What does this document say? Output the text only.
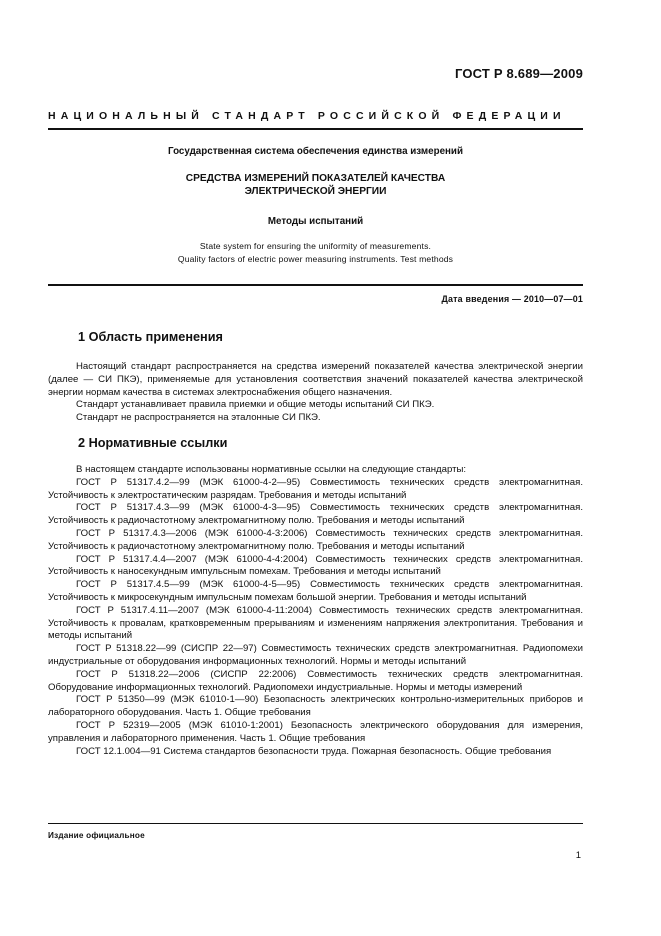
ГОСТ Р 8.689—2009
НАЦИОНАЛЬНЫЙ СТАНДАРТ РОССИЙСКОЙ ФЕДЕРАЦИИ
Государственная система обеспечения единства измерений
СРЕДСТВА ИЗМЕРЕНИЙ ПОКАЗАТЕЛЕЙ КАЧЕСТВА
ЭЛЕКТРИЧЕСКОЙ ЭНЕРГИИ
Методы испытаний
State system for ensuring the uniformity of measurements.
Quality factors of electric power measuring instruments. Test methods
Дата введения — 2010—07—01
1 Область применения

Настоящий стандарт распространяется на средства измерений показателей качества электрической энергии (далее — СИ ПКЭ), применяемые для установления соответствия значений показателей качества электрической энергии нормам качества в системах электроснабжения общего назначения.

Стандарт устанавливает правила приемки и общие методы испытаний СИ ПКЭ.

Стандарт не распространяется на эталонные СИ ПКЭ.

2 Нормативные ссылки

В настоящем стандарте использованы нормативные ссылки на следующие стандарты:

ГОСТ Р 51317.4.2—99 (МЭК 61000-4-2—95) Совместимость технических средств электромагнитная. Устойчивость к электростатическим разрядам. Требования и методы испытаний

ГОСТ Р 51317.4.3—99 (МЭК 61000-4-3—95) Совместимость технических средств электромагнитная. Устойчивость к радиочастотному электромагнитному полю. Требования и методы испытаний

ГОСТ Р 51317.4.3—2006 (МЭК 61000-4-3:2006) Совместимость технических средств электромагнитная. Устойчивость к радиочастотному электромагнитному полю. Требования и методы испытаний

ГОСТ Р 51317.4.4—2007 (МЭК 61000-4-4:2004) Совместимость технических средств электромагнитная. Устойчивость к наносекундным импульсным помехам. Требования и методы испытаний

ГОСТ Р 51317.4.5—99 (МЭК 61000-4-5—95) Совместимость технических средств электромагнитная. Устойчивость к микросекундным импульсным помехам большой энергии. Требования и методы испытаний

ГОСТ Р 51317.4.11—2007 (МЭК 61000-4-11:2004) Совместимость технических средств электромагнитная. Устойчивость к провалам, кратковременным прерываниям и изменениям напряжения электропитания. Требования и методы испытаний

ГОСТ Р 51318.22—99 (СИСПР 22—97) Совместимость технических средств электромагнитная. Радиопомехи индустриальные от оборудования информационных технологий. Нормы и методы испытаний

ГОСТ Р 51318.22—2006 (СИСПР 22:2006) Совместимость технических средств электромагнитная. Оборудование информационных технологий. Радиопомехи индустриальные. Нормы и методы измерений

ГОСТ Р 51350—99 (МЭК 61010-1—90) Безопасность электрических контрольно-измерительных приборов и лабораторного оборудования. Часть 1. Общие требования

ГОСТ Р 52319—2005 (МЭК 61010-1:2001) Безопасность электрического оборудования для измерения, управления и лабораторного применения. Часть 1. Общие требования

ГОСТ 12.1.004—91 Система стандартов безопасности труда. Пожарная безопасность. Общие требования

Издание официальное
1
